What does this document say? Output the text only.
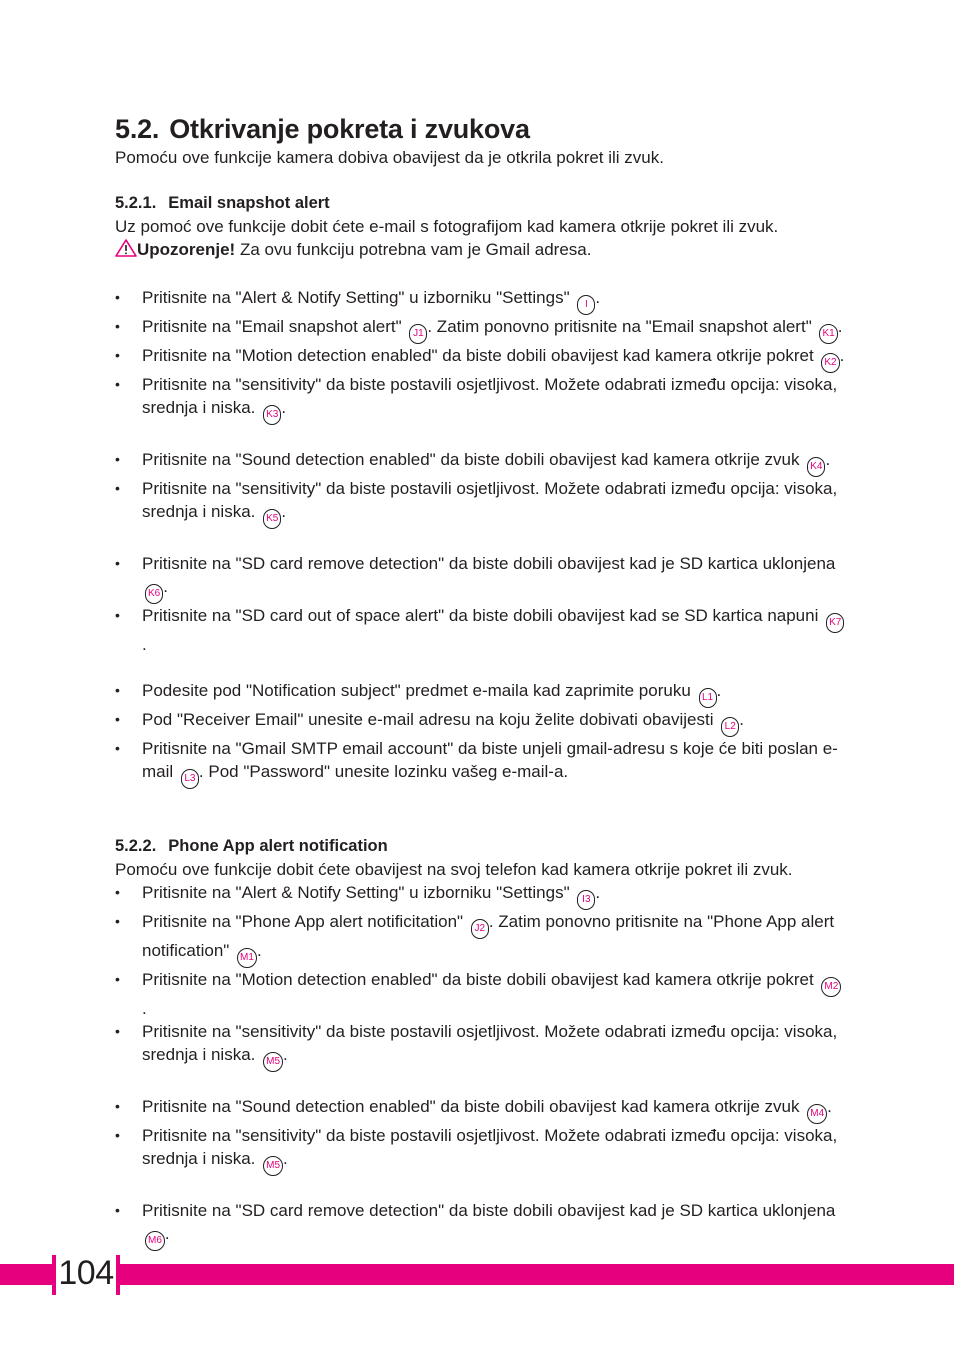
5.2. Otkrivanje pokreta i zvukova

Pomoću ove funkcije kamera dobiva obavijest da je otkrila pokret ili zvuk.

5.2.1. Email snapshot alert

Uz pomoć ove funkcije dobit ćete e-mail s fotografijom kad kamera otkrije pokret ili zvuk.

Upozorenje! Za ovu funkciju potrebna vam je Gmail adresa.

• Pritisnite na "Alert & Notify Setting" u izborniku "Settings" I .
• Pritisnite na "Email snapshot alert" J1 . Zatim ponovno pritisnite na "Email snapshot alert" K1 .
• Pritisnite na "Motion detection enabled" da biste dobili obavijest kad kamera otkrije pokret K2 .
• Pritisnite na "sensitivity" da biste postavili osjetljivost. Možete odabrati između opcija: visoka, srednja i niska. K3 .
• Pritisnite na "Sound detection enabled" da biste dobili obavijest kad kamera otkrije zvuk K4 .
• Pritisnite na "sensitivity" da biste postavili osjetljivost. Možete odabrati između opcija: visoka, srednja i niska. K5 .
• Pritisnite na "SD card remove detection" da biste dobili obavijest kad je SD kartica uklonjena K6 .
• Pritisnite na "SD card out of space alert" da biste dobili obavijest kad se SD kartica napuni K7.
• Podesite pod "Notification subject" predmet e-maila kad zaprimite poruku L1 .
• Pod "Receiver Email" unesite e-mail adresu na koju želite dobivati obavijesti L2 .
• Pritisnite na "Gmail SMTP email account" da biste unjeli gmail-adresu s koje će biti poslan e-mail L3 . Pod "Password" unesite lozinku vašeg e-mail-a.
5.2.2. Phone App alert notification

Pomoću ove funkcije dobit ćete obavijest na svoj telefon kad kamera otkrije pokret ili zvuk.

• Pritisnite na "Alert & Notify Setting" u izborniku "Settings" I3 .
• Pritisnite na "Phone App alert notificitation" J2 . Zatim ponovno pritisnite na "Phone App alert notification" M1 .
• Pritisnite na "Motion detection enabled" da biste dobili obavijest kad kamera otkrije pokret M2.
• Pritisnite na "sensitivity" da biste postavili osjetljivost. Možete odabrati između opcija: visoka, srednja i niska. M5 .
• Pritisnite na "Sound detection enabled" da biste dobili obavijest kad kamera otkrije zvuk M4 .
• Pritisnite na "sensitivity" da biste postavili osjetljivost. Možete odabrati između opcija: visoka, srednja i niska. M5 .
• Pritisnite na "SD card remove detection" da biste dobili obavijest kad je SD kartica uklonjena M6 .
104
